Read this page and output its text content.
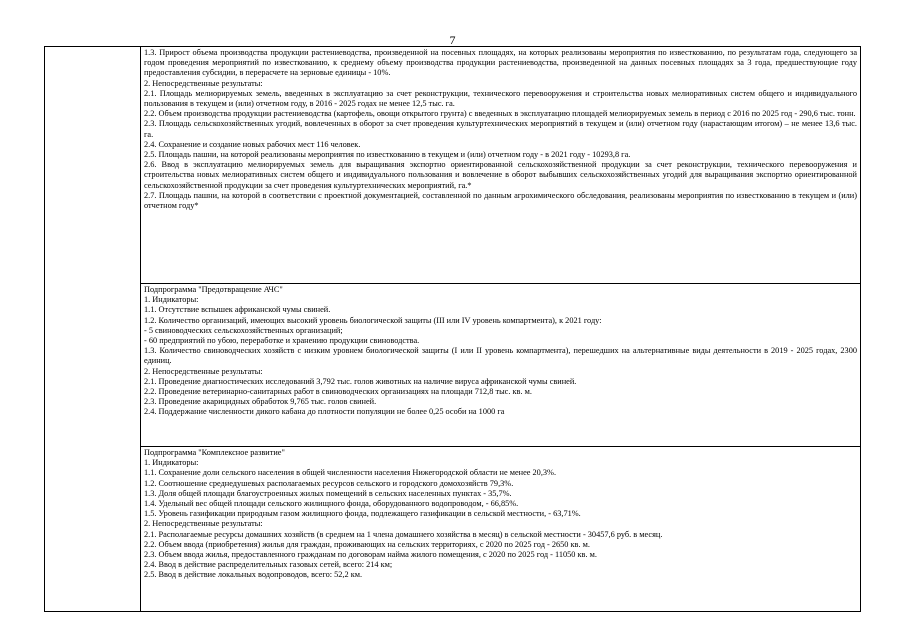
7
1.3. Прирост объема производства продукции растениеводства, произведенной на посевных площадях, на которых реализованы мероприятия по известкованию, по результатам года, следующего за годом проведения мероприятий по известкованию, к среднему объему производства продукции растениеводства, произведенной на данных посевных площадях за 3 года, предшествующие году предоставления субсидии, в перерасчете на зерновые единицы - 10%.
2. Непосредственные результаты:
2.1. Площадь мелиорируемых земель, введенных в эксплуатацию за счет реконструкции, технического перевооружения и строительства новых мелиоративных систем общего и индивидуального пользования в текущем и (или) отчетном году, в 2016 - 2025 годах не менее 12,5 тыс. га.
2.2. Объем производства продукции растениеводства (картофель, овощи открытого грунта) с введенных в эксплуатацию площадей мелиорируемых земель в период с 2016 по 2025 год - 290,6 тыс. тонн.
2.3. Площадь сельскохозяйственных угодий, вовлеченных в оборот за счет проведения культуртехнических мероприятий в текущем и (или) отчетном году (нарастающим итогом) – не менее 13,6 тыс. га.
2.4. Сохранение и создание новых рабочих мест 116 человек.
2.5. Площадь пашни, на которой реализованы мероприятия по известкованию в текущем и (или) отчетном году - в 2021 году - 10293,8 га.
2.6. Ввод в эксплуатацию мелиорируемых земель для выращивания экспортно ориентированной сельскохозяйственной продукции за счет реконструкции, технического перевооружения и строительства новых мелиоративных систем общего и индивидуального пользования и вовлечение в оборот выбывших сельскохозяйственных угодий для выращивания экспортно ориентированной сельскохозяйственной продукции за счет проведения культуртехнических мероприятий, га.*
2.7. Площадь пашни, на которой в соответствии с проектной документацией, составленной по данным агрохимического обследования, реализованы мероприятия по известкованию в текущем и (или) отчетном году*
Подпрограмма "Предотвращение АЧС"
1. Индикаторы:
1.1. Отсутствие вспышек африканской чумы свиней.
1.2. Количество организаций, имеющих высокий уровень биологической защиты (III или IV уровень компартмента), к 2021 году:
- 5 свиноводческих сельскохозяйственных организаций;
- 60 предприятий по убою, переработке и хранению продукции свиноводства.
1.3. Количество свиноводческих хозяйств с низким уровнем биологической защиты (I или II уровень компартмента), перешедших на альтернативные виды деятельности в 2019 - 2025 годах, 2300 единиц.
2. Непосредственные результаты:
2.1. Проведение диагностических исследований 3,792 тыс. голов животных на наличие вируса африканской чумы свиней.
2.2. Проведение ветеринарно-санитарных работ в свиноводческих организациях на площади 712,8 тыс. кв. м.
2.3. Проведение акарицидных обработок 9,765 тыс. голов свиней.
2.4. Поддержание численности дикого кабана до плотности популяции не более 0,25 особи на 1000 га
Подпрограмма "Комплексное развитие"
1. Индикаторы:
1.1. Сохранение доли сельского населения в общей численности населения Нижегородской области не менее 20,3%.
1.2. Соотношение среднедушевых располагаемых ресурсов сельского и городского домохозяйств 79,3%.
1.3. Доля общей площади благоустроенных жилых помещений в сельских населенных пунктах - 35,7%.
1.4. Удельный вес общей площади сельского жилищного фонда, оборудованного водопроводом, - 66,85%.
1.5. Уровень газификации природным газом жилищного фонда, подлежащего газификации в сельской местности, - 63,71%.
2. Непосредственные результаты:
2.1. Располагаемые ресурсы домашних хозяйств (в среднем на 1 члена домашнего хозяйства в месяц) в сельской местности - 30457,6 руб. в месяц.
2.2. Объем ввода (приобретения) жилья для граждан, проживающих на сельских территориях, с 2020 по 2025 год - 2650 кв. м.
2.3. Объем ввода жилья, предоставленного гражданам по договорам найма жилого помещения, с 2020 по 2025 год - 11050 кв. м.
2.4. Ввод в действие распределительных газовых сетей, всего: 214 км;
2.5. Ввод в действие локальных водопроводов, всего: 52,2 км.
